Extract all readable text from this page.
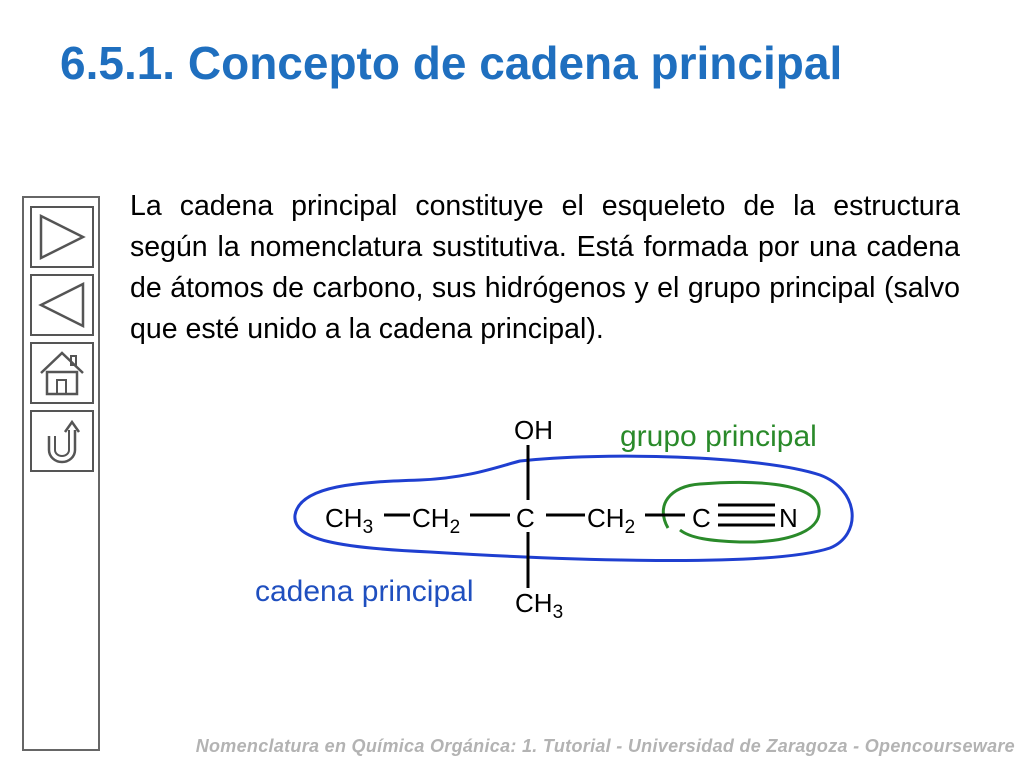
6.5.1. Concepto de cadena principal

La cadena principal constituye el esqueleto de la estructura según la nomenclatura sustitutiva. Está formada por una cadena de átomos de carbono, sus hidrógenos y el grupo principal (salvo que esté unido a la cadena principal).

OH
$CH_3$ $CH_2$ C $CH_2$ C	N
$CH_3$
grupo principal
cadena principal
Nomenclatura en Química Orgánica: 1. Tutorial - Universidad de Zaragoza - Opencourseware
